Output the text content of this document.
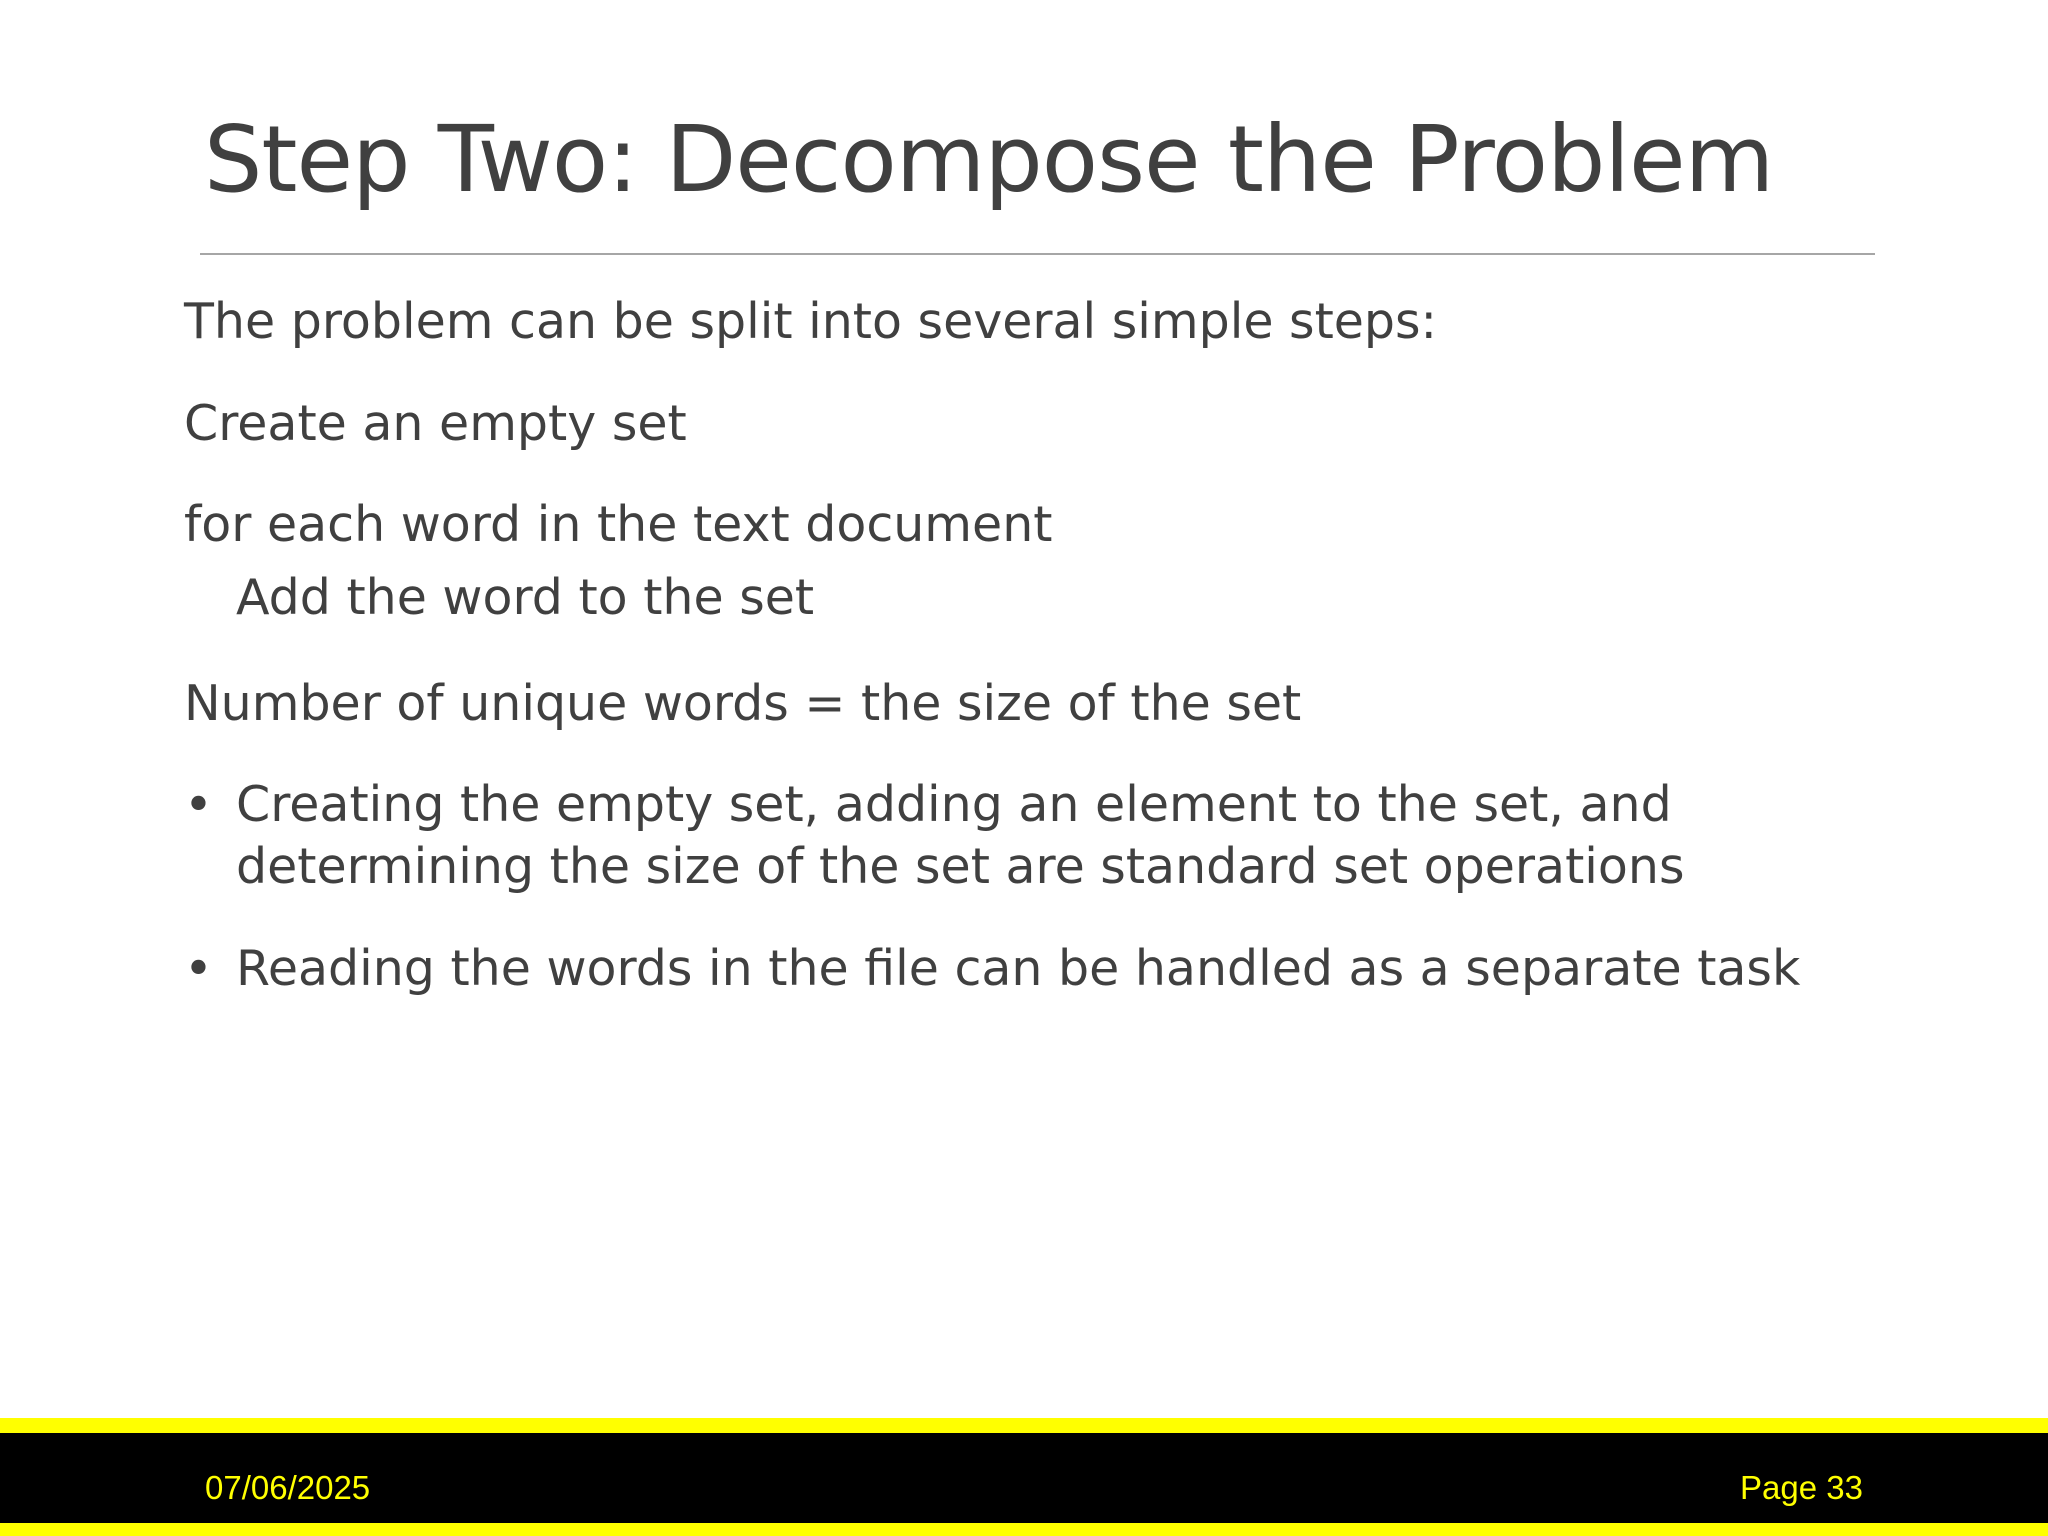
Step Two: Decompose the Problem
The problem can be split into several simple steps:
Create an empty set
for each word in the text document
Add the word to the set
Number of unique words = the size of the set
• Creating the empty set, adding an element to the set, and determining the size of the set are standard set operations
• Reading the words in the file can be handled as a separate task
07/06/2025	Page 33
